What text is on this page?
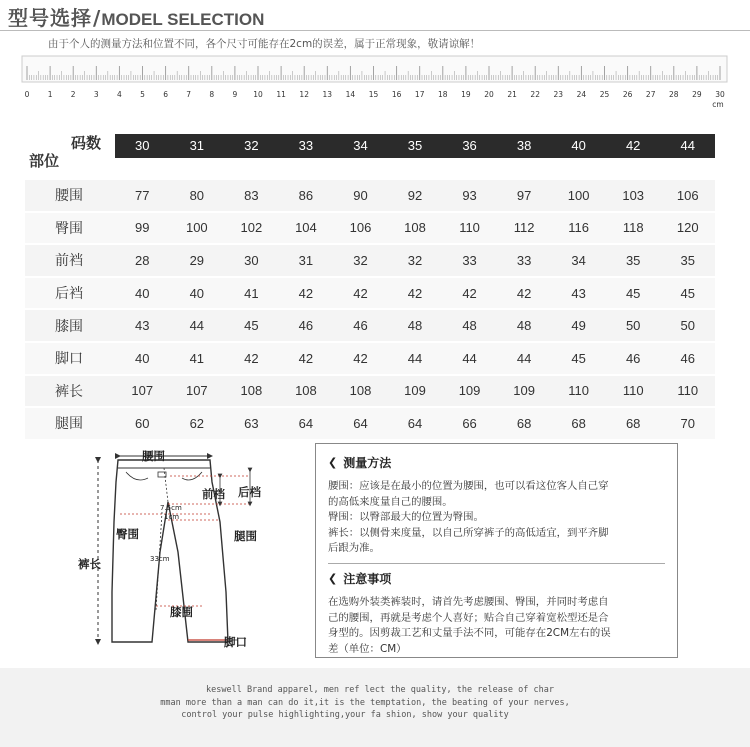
型号选择 / MODEL SELECTION
由于个人的测量方法和位置不同，各个尺寸可能存在2cm的误差，属于正常现象，敬请谅解！
0 1 2 3 4 5 6 7 8 9 10 11 12 13 14 15 16 17 18 19 20 21 22 23 24 25 26 27 28 29 30
cm
码数
部位
30	31	32	33	34	35	36	38	40	42	44
腰围	77	80	83	86	90	92	93	97	100	103	106
臀围	99	100	102	104	106	108	110	112	116	118	120
前裆	28	29	30	31	32	32	33	33	34	35	35
后裆	40	40	41	42	42	42	42	42	43	45	45
膝围	43	44	45	46	46	48	48	48	49	50	50
脚口	40	41	42	42	42	44	44	44	45	46	46
裤长	107	107	108	108	108	109	109	109	110	110	110
腿围	60	62	63	64	64	64	66	68	68	68	70
腰围
前档 后档
臀围	腿围
裤长
膝围
脚口
7.5cm
1cm
33cm
❮ 测量方法

腰围：应该是在最小的位置为腰围，也可以看这位客人自己穿

的高低来度量自己的腰围。

臀围：以臀部最大的位置为臀围。

裤长：以侧骨来度量，以自己所穿裤子的高低适宜，到平齐脚

后跟为准。

❮ 注意事项

在选购外装类裤装时，请首先考虑腰围、臀围，并同时考虑自

己的腰围，再就是考虑个人喜好；贴合自己穿着宽松型还是合

身型的。因剪裁工艺和丈量手法不同，可能存在2CM左右的误

差（单位：CM）

keswell Brand apparel, men ref lect the quality, the release of char
mman more than a man can do it,it is the temptation, the beating of your nerves,
control your pulse highlighting,your fa shion, show your quality
